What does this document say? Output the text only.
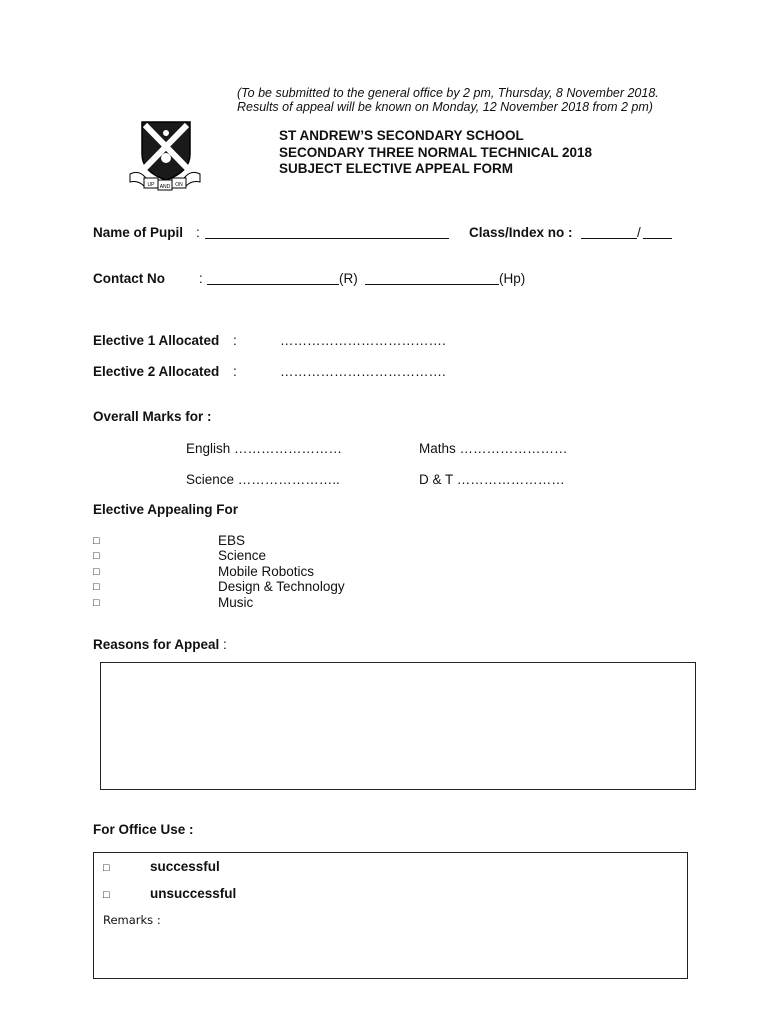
(To be submitted to the general office by 2 pm, Thursday, 8 November 2018.
Results of appeal will be known on Monday, 12 November 2018 from 2 pm)
UP AND ON
ST ANDREW’S SECONDARY SCHOOL
SECONDARY THREE NORMAL TECHNICAL 2018
SUBJECT ELECTIVE APPEAL FORM
Name of Pupil :	Class/Index no :	/
Contact No	:	(R)	(Hp)
Elective 1 Allocated :	……………………………….
Elective 2 Allocated :	……………………………….
Overall Marks for :
English ……………………	Maths ……………………
Science …………………..	D & T ……………………
Elective Appealing For
□	EBS
□	Science
□	Mobile Robotics
□	Design & Technology
□	Music
Reasons for Appeal :
For Office Use :
□	successful
□	unsuccessful
Remarks :
